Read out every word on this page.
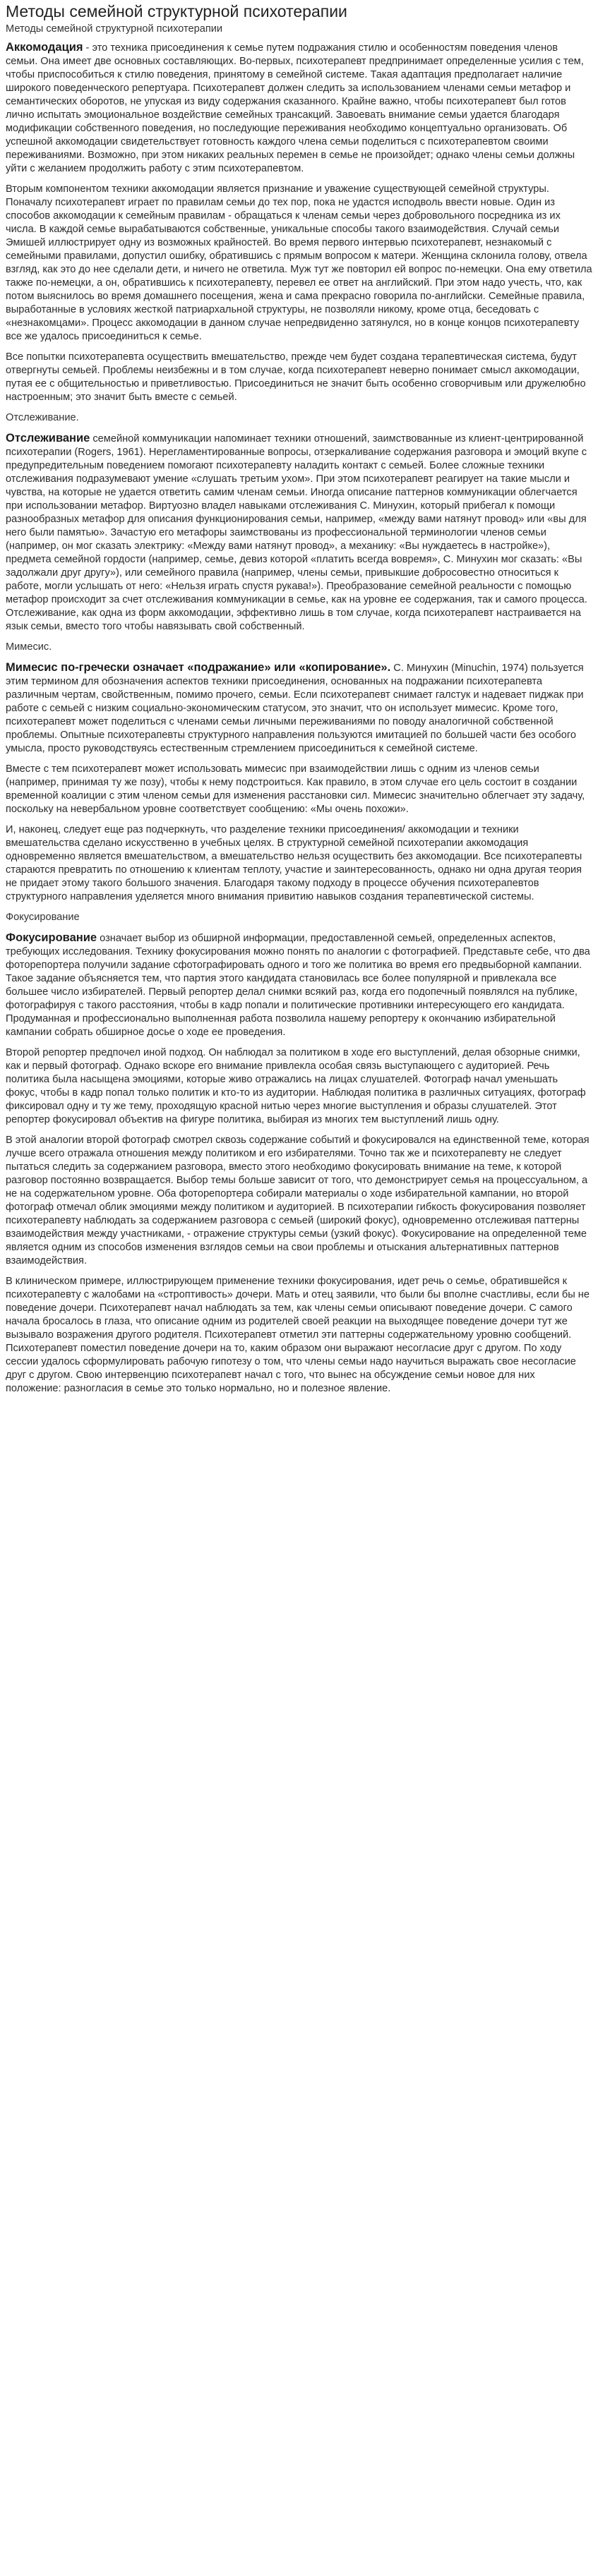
Методы семейной структурной психотерапии
Методы семейной структурной психотерапии

Аккомодация - это техника присоединения к семье путем подражания стилю и особенностям поведения членов семьи. Она имеет две основных составляющих. Во-первых, психотерапевт предпринимает определенные усилия с тем, чтобы приспособиться к стилю поведения, принятому в семейной системе. Такая адаптация предполагает наличие широкого поведенческого репертуара. Психотерапевт должен следить за использованием членами семьи метафор и семантических оборотов, не упуская из виду содержания сказанного. Крайне важно, чтобы психотерапевт был готов лично испытать эмоциональное воздействие семейных трансакций. Завоевать внимание семьи удается благодаря модификации собственного поведения, но последующие переживания необходимо концептуально организовать. Об успешной аккомодации свидетельствует готовность каждого члена семьи поделиться с психотерапевтом своими переживаниями. Возможно, при этом никаких реальных перемен в семье не произойдет; однако члены семьи должны уйти с желанием продолжить работу с этим психотерапевтом.

Вторым компонентом техники аккомодации является признание и уважение существующей семейной структуры. Поначалу психотерапевт играет по правилам семьи до тех пор, пока не удастся исподволь ввести новые. Один из способов аккомодации к семейным правилам - обращаться к членам семьи через добровольного посредника из их числа. В каждой семье вырабатываются собственные, уникальные способы такого взаимодействия. Случай семьи Эмишей иллюстрирует одну из возможных крайностей. Во время первого интервью психотерапевт, незнакомый с семейными правилами, допустил ошибку, обратившись с прямым вопросом к матери. Женщина склонила голову, отвела взгляд, как это до нее сделали дети, и ничего не ответила. Муж тут же повторил ей вопрос по-немецки. Она ему ответила также по-немецки, а он, обратившись к психотерапевту, перевел ее ответ на английский. При этом надо учесть, что, как потом выяснилось во время домашнего посещения, жена и сама прекрасно говорила по-английски. Семейные правила, выработанные в условиях жесткой патриархальной структуры, не позволяли никому, кроме отца, беседовать с «незнакомцами». Процесс аккомодации в данном случае непредвиденно затянулся, но в конце концов психотерапевту все же удалось присоединиться к семье.

Все попытки психотерапевта осуществить вмешательство, прежде чем будет создана терапевтическая система, будут отвергнуты семьей. Проблемы неизбежны и в том случае, когда психотерапевт неверно понимает смысл аккомодации, путая ее с общительностью и приветливостью. Присоединиться не значит быть особенно сговорчивым или дружелюбно настроенным; это значит быть вместе с семьей.

Отслеживание.

Отслеживание семейной коммуникации напоминает техники отношений, заимствованные из клиент-центрированной психотерапии (Rogers, 1961). Нерегламентированные вопросы, отзеркаливание содержания разговора и эмоций вкупе с предупредительным поведением помогают психотерапевту наладить контакт с семьей. Более сложные техники отслеживания подразумевают умение «слушать третьим ухом». При этом психотерапевт реагирует на такие мысли и чувства, на которые не удается ответить самим членам семьи. Иногда описание паттернов коммуникации облегчается при использовании метафор. Виртуозно владел навыками отслеживания С. Минухин, который прибегал к помощи разнообразных метафор для описания функционирования семьи, например, «между вами натянут провод» или «вы для него были памятью». Зачастую его метафоры заимствованы из профессиональной терминологии членов семьи (например, он мог сказать электрику: «Между вами натянут провод», а механику: «Вы нуждаетесь в настройке»), предмета семейной гордости (например, семье, девиз которой «платить всегда вовремя», С. Минухин мог сказать: «Вы задолжали друг другу»), или семейного правила (например, члены семьи, привыкшие добросовестно относиться к работе, могли услышать от него: «Нельзя играть спустя рукава!»). Преобразование семейной реальности с помощью метафор происходит за счет отслеживания коммуникации в семье, как на уровне ее содержания, так и самого процесса. Отслеживание, как одна из форм аккомодации, эффективно лишь в том случае, когда психотерапевт настраивается на язык семьи, вместо того чтобы навязывать свой собственный.

Мимесис.

Мимесис по-гречески означает «подражание» или «копирование». С. Минухин (Minuchin, 1974) пользуется этим термином для обозначения аспектов техники присоединения, основанных на подражании психотерапевта различным чертам, свойственным, помимо прочего, семьи. Если психотерапевт снимает галстук и надевает пиджак при работе с семьей с низким социально-экономическим статусом, это значит, что он использует мимесис. Кроме того, психотерапевт может поделиться с членами семьи личными переживаниями по поводу аналогичной собственной проблемы. Опытные психотерапевты структурного направления пользуются имитацией по большей части без особого умысла, просто руководствуясь естественным стремлением присоединиться к семейной системе.

Вместе с тем психотерапевт может использовать мимесис при взаимодействии лишь с одним из членов семьи (например, принимая ту же позу), чтобы к нему подстроиться. Как правило, в этом случае его цель состоит в создании временной коалиции с этим членом семьи для изменения расстановки сил. Мимесис значительно облегчает эту задачу, поскольку на невербальном уровне соответствует сообщению: «Мы очень похожи».

И, наконец, следует еще раз подчеркнуть, что разделение техники присоединения/ аккомодации и техники вмешательства сделано искусственно в учебных целях. В структурной семейной психотерапии аккомодация одновременно является вмешательством, а вмешательство нельзя осуществить без аккомодации. Все психотерапевты стараются превратить по отношению к клиентам теплоту, участие и заинтересованность, однако ни одна другая теория не придает этому такого большого значения. Благодаря такому подходу в процессе обучения психотерапевтов структурного направления уделяется много внимания привитию навыков создания терапевтической системы.

Фокусирование

Фокусирование означает выбор из обширной информации, предоставленной семьей, определенных аспектов, требующих исследования. Технику фокусирования можно понять по аналогии с фотографией. Представьте себе, что два фоторепортера получили задание сфотографировать одного и того же политика во время его предвыборной кампании. Такое задание объясняется тем, что партия этого кандидата становилась все более популярной и привлекала все большее число избирателей. Первый репортер делал снимки всякий раз, когда его подопечный появлялся на публике, фотографируя с такого расстояния, чтобы в кадр попали и политические противники интересующего его кандидата. Продуманная и профессионально выполненная работа позволила нашему репортеру к окончанию избирательной кампании собрать обширное досье о ходе ее проведения.

Второй репортер предпочел иной подход. Он наблюдал за политиком в ходе его выступлений, делая обзорные снимки, как и первый фотограф. Однако вскоре его внимание привлекла особая связь выступающего с аудиторией. Речь политика была насыщена эмоциями, которые живо отражались на лицах слушателей. Фотограф начал уменьшать фокус, чтобы в кадр попал только политик и кто-то из аудитории. Наблюдая политика в различных ситуациях, фотограф фиксировал одну и ту же тему, проходящую красной нитью через многие выступления и образы слушателей. Этот репортер фокусировал объектив на фигуре политика, выбирая из многих тем выступлений лишь одну.

В этой аналогии второй фотограф смотрел сквозь содержание событий и фокусировался на единственной теме, которая лучше всего отражала отношения между политиком и его избирателями. Точно так же и психотерапевту не следует пытаться следить за содержанием разговора, вместо этого необходимо фокусировать внимание на теме, к которой разговор постоянно возвращается. Выбор темы больше зависит от того, что демонстрирует семья на процессуальном, а не на содержательном уровне. Оба фоторепортера собирали материалы о ходе избирательной кампании, но второй фотограф отмечал облик эмоциями между политиком и аудиторией. В психотерапии гибкость фокусирования позволяет психотерапевту наблюдать за содержанием разговора с семьей (широкий фокус), одновременно отслеживая паттерны взаимодействия между участниками, - отражение структуры семьи (узкий фокус). Фокусирование на определенной теме является одним из способов изменения взглядов семьи на свои проблемы и отыскания альтернативных паттернов взаимодействия.

В клиническом примере, иллюстрирующем применение техники фокусирования, идет речь о семье, обратившейся к психотерапевту с жалобами на «строптивость» дочери. Мать и отец заявили, что были бы вполне счастливы, если бы не поведение дочери. Психотерапевт начал наблюдать за тем, как члены семьи описывают поведение дочери. С самого начала бросалось в глаза, что описание одним из родителей своей реакции на выходящее поведение дочери тут же вызывало возражения другого родителя. Психотерапевт отметил эти паттерны содержательному уровню сообщений. Психотерапевт поместил поведение дочери на то, каким образом они выражают несогласие друг с другом. По ходу сессии удалось сформулировать рабочую гипотезу о том, что члены семьи надо научиться выражать свое несогласие друг с другом. Свою интервенцию психотерапевт начал с того, что вынес на обсуждение семьи новое для них положение: разногласия в семье это только нормально, но и полезное явление.
